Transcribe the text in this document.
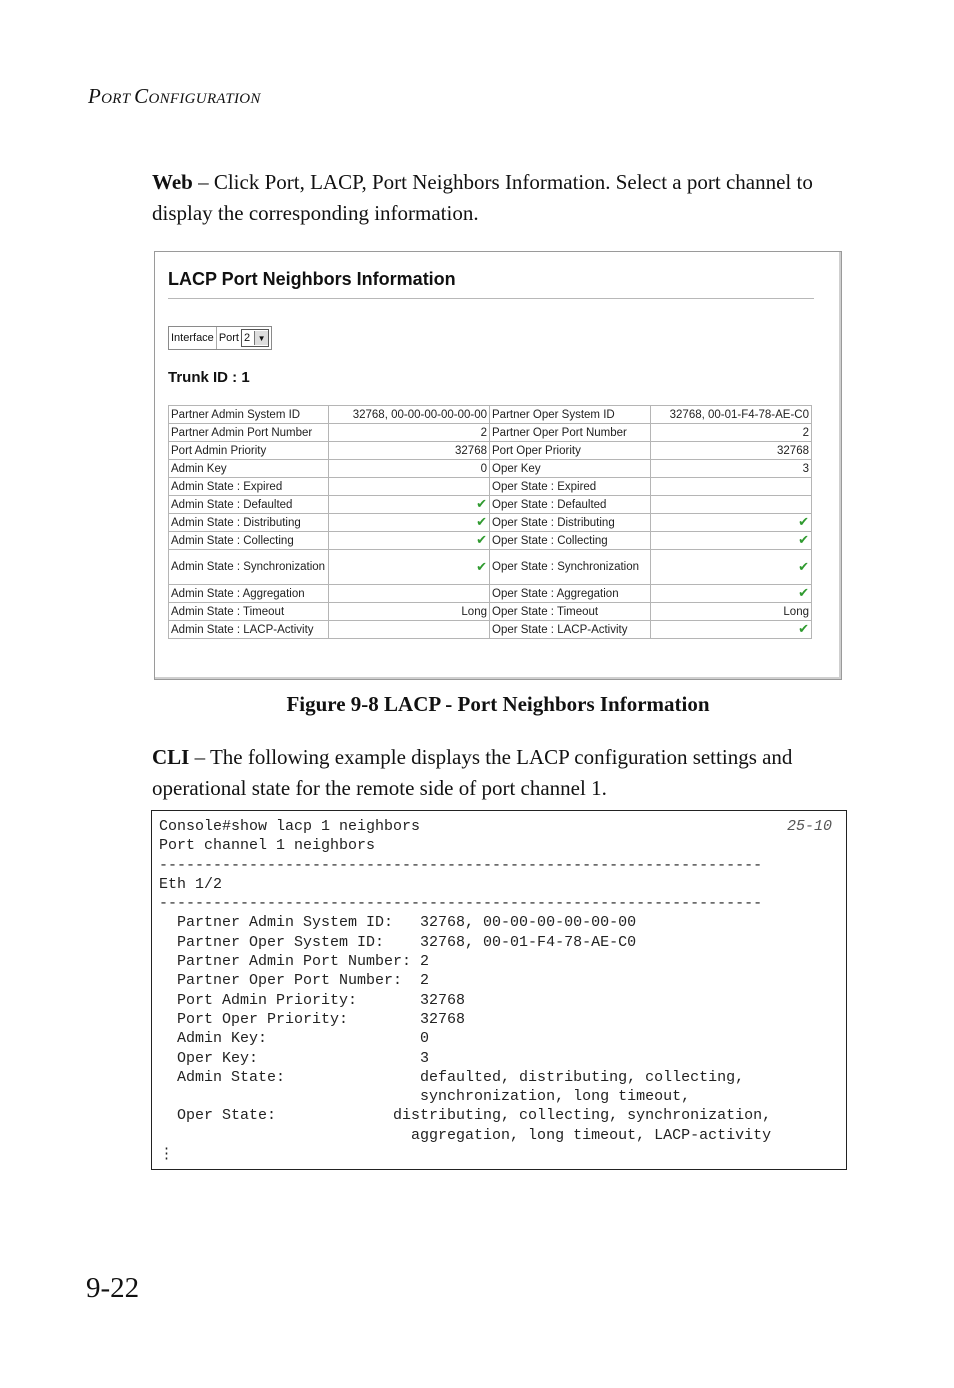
PORT CONFIGURATION
Web – Click Port, LACP, Port Neighbors Information. Select a port channel to display the corresponding information.
LACP Port Neighbors Information
Interface Port 2 ▼
Trunk ID : 1
Partner Admin System ID	32768, 00-00-00-00-00-00	Partner Oper System ID	32768, 00-01-F4-78-AE-C0
Partner Admin Port Number	2	Partner Oper Port Number	2
Port Admin Priority	32768	Port Oper Priority	32768
Admin Key	0	Oper Key	3
Admin State : Expired		Oper State : Expired	
Admin State : Defaulted	✔	Oper State : Defaulted	
Admin State : Distributing	✔	Oper State : Distributing	✔
Admin State : Collecting	✔	Oper State : Collecting	✔
Admin State : Synchronization	✔	Oper State : Synchronization	✔
Admin State : Aggregation		Oper State : Aggregation	✔
Admin State : Timeout	Long	Oper State : Timeout	Long
Admin State : LACP-Activity		Oper State : LACP-Activity	✔
Figure 9-8 LACP - Port Neighbors Information
CLI – The following example displays the LACP configuration settings and operational state for the remote side of port channel 1.
Console#show lacp 1 neighbors
Port channel 1 neighbors
-------------------------------------------------------------------
Eth 1/2
-------------------------------------------------------------------
Partner Admin System ID:   32768, 00-00-00-00-00-00
Partner Oper System ID:    32768, 00-01-F4-78-AE-C0
Partner Admin Port Number: 2
Partner Oper Port Number:  2
Port Admin Priority:       32768
Port Oper Priority:        32768
Admin Key:                 0
Oper Key:                  3
Admin State:               defaulted, distributing, collecting,
synchronization, long timeout,
Oper State:             distributing, collecting, synchronization,
aggregation, long timeout, LACP-activity
⋮
25-10
9-22
